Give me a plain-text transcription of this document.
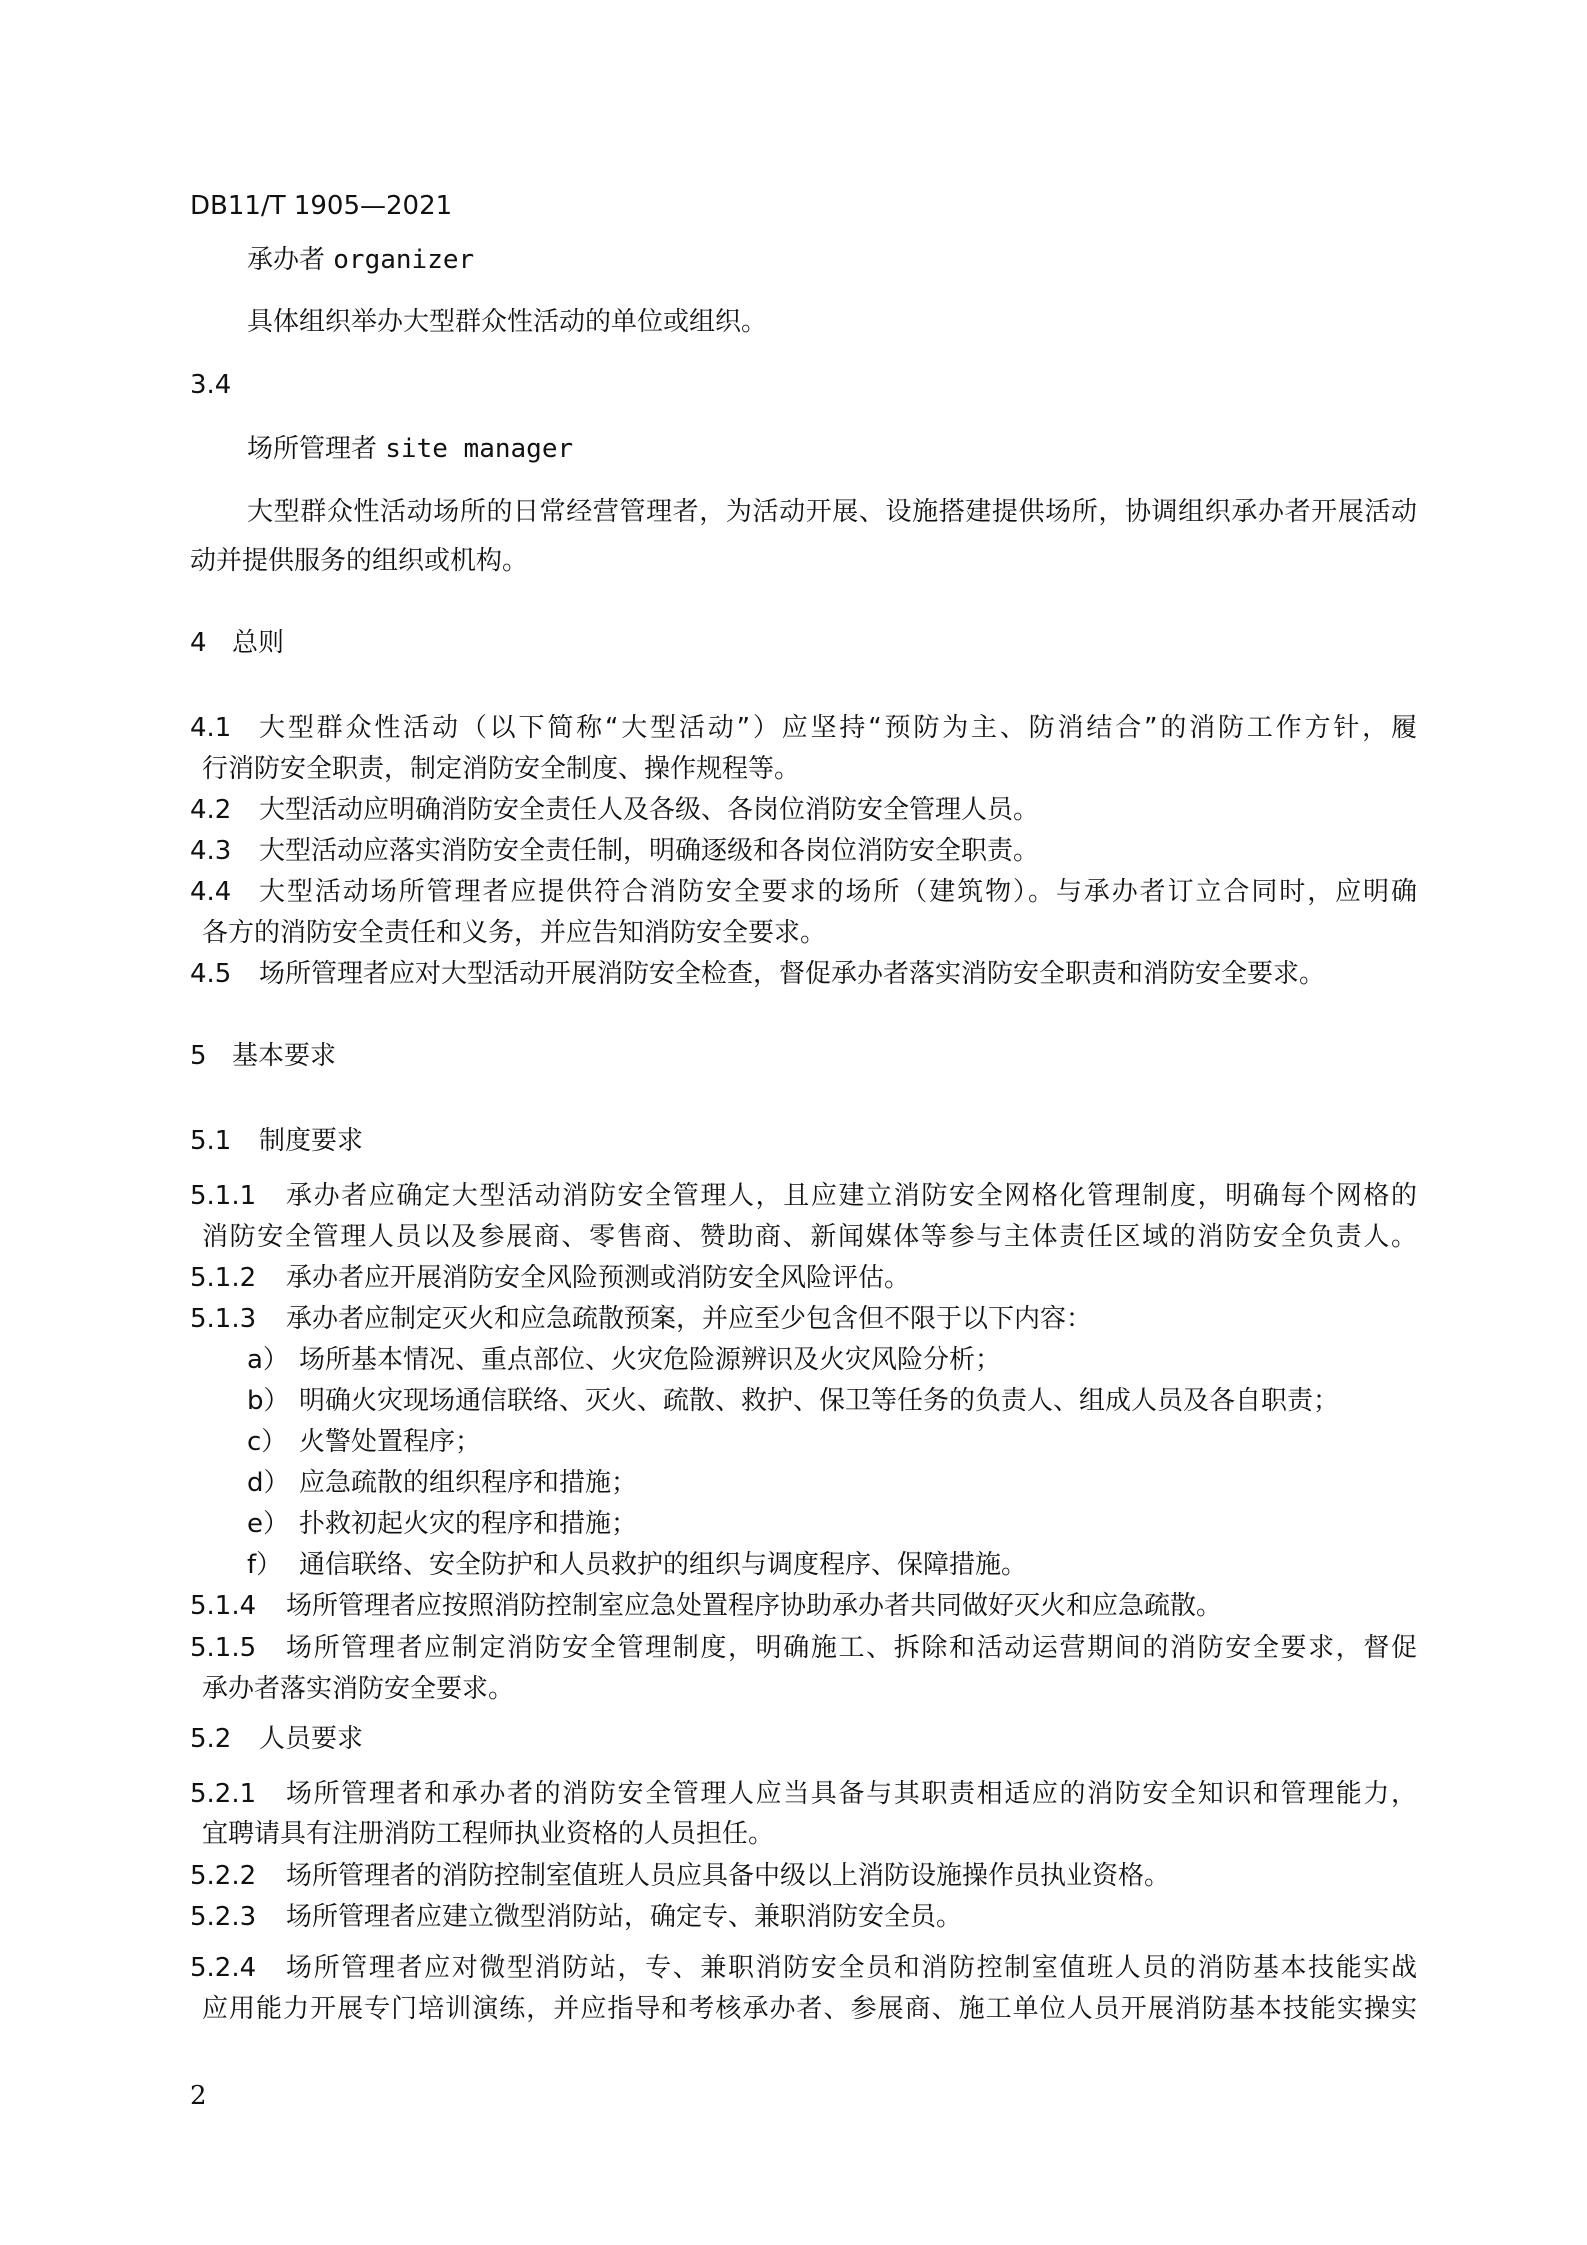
DB11/T 1905—2021
承办者 organizer
具体组织举办大型群众性活动的单位或组织。
3.4
场所管理者 site manager
大型群众性活动场所的日常经营管理者，为活动开展、设施搭建提供场所，协调组织承办者开展活动
动并提供服务的组织或机构。
4 总则
4.1 大型群众性活动（以下简称“大型活动”）应坚持“预防为主、防消结合”的消防工作方针，履
行消防安全职责，制定消防安全制度、操作规程等。
4.2 大型活动应明确消防安全责任人及各级、各岗位消防安全管理人员。
4.3 大型活动应落实消防安全责任制，明确逐级和各岗位消防安全职责。
4.4 大型活动场所管理者应提供符合消防安全要求的场所（建筑物）。与承办者订立合同时，应明确
各方的消防安全责任和义务，并应告知消防安全要求。
4.5 场所管理者应对大型活动开展消防安全检查，督促承办者落实消防安全职责和消防安全要求。
5 基本要求
5.1 制度要求
5.1.1 承办者应确定大型活动消防安全管理人，且应建立消防安全网格化管理制度，明确每个网格的
消防安全管理人员以及参展商、零售商、赞助商、新闻媒体等参与主体责任区域的消防安全负责人。
5.1.2 承办者应开展消防安全风险预测或消防安全风险评估。
5.1.3 承办者应制定灭火和应急疏散预案，并应至少包含但不限于以下内容：
a） 场所基本情况、重点部位、火灾危险源辨识及火灾风险分析；
b） 明确火灾现场通信联络、灭火、疏散、救护、保卫等任务的负责人、组成人员及各自职责；
c） 火警处置程序；
d） 应急疏散的组织程序和措施；
e） 扑救初起火灾的程序和措施；
f） 通信联络、安全防护和人员救护的组织与调度程序、保障措施。
5.1.4 场所管理者应按照消防控制室应急处置程序协助承办者共同做好灭火和应急疏散。
5.1.5 场所管理者应制定消防安全管理制度，明确施工、拆除和活动运营期间的消防安全要求，督促
承办者落实消防安全要求。
5.2 人员要求
5.2.1 场所管理者和承办者的消防安全管理人应当具备与其职责相适应的消防安全知识和管理能力，
宜聘请具有注册消防工程师执业资格的人员担任。
5.2.2 场所管理者的消防控制室值班人员应具备中级以上消防设施操作员执业资格。
5.2.3 场所管理者应建立微型消防站，确定专、兼职消防安全员。
5.2.4 场所管理者应对微型消防站，专、兼职消防安全员和消防控制室值班人员的消防基本技能实战
应用能力开展专门培训演练，并应指导和考核承办者、参展商、施工单位人员开展消防基本技能实操实
2
